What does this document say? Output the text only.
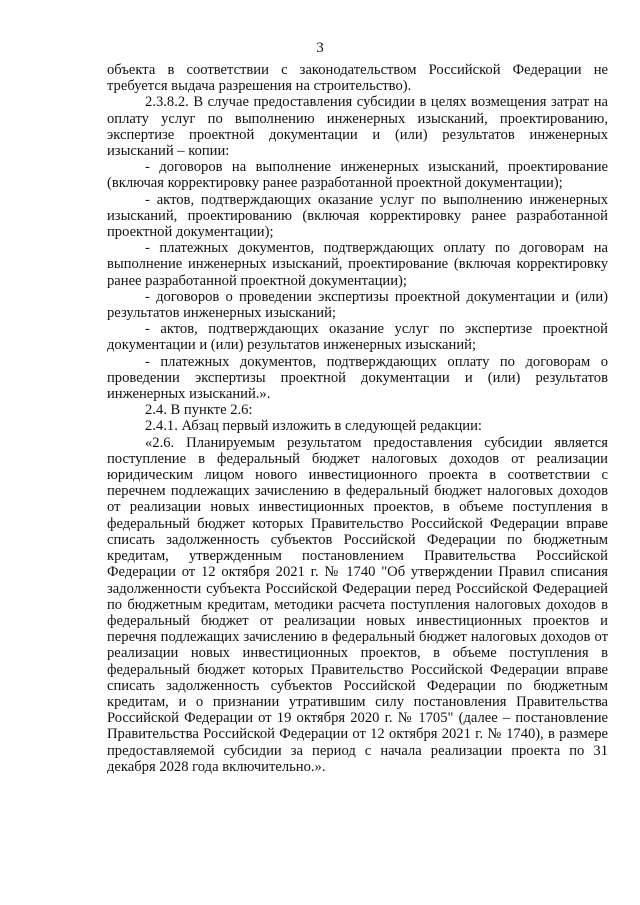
3

объекта в соответствии с законодательством Российской Федерации не требуется выдача разрешения на строительство).

2.3.8.2. В случае предоставления субсидии в целях возмещения затрат на оплату услуг по выполнению инженерных изысканий, проектированию, экспертизе проектной документации и (или) результатов инженерных изысканий – копии:

- договоров на выполнение инженерных изысканий, проектирование (включая корректировку ранее разработанной проектной документации);

- актов, подтверждающих оказание услуг по выполнению инженерных изысканий, проектированию (включая корректировку ранее разработанной проектной документации);

- платежных документов, подтверждающих оплату по договорам на выполнение инженерных изысканий, проектирование (включая корректировку ранее разработанной проектной документации);

- договоров о проведении экспертизы проектной документации и (или) результатов инженерных изысканий;

- актов, подтверждающих оказание услуг по экспертизе проектной документации и (или) результатов инженерных изысканий;

- платежных документов, подтверждающих оплату по договорам о проведении экспертизы проектной документации и (или) результатов инженерных изысканий.».

2.4. В пункте 2.6:

2.4.1. Абзац первый изложить в следующей редакции:

«2.6. Планируемым результатом предоставления субсидии является поступление в федеральный бюджет налоговых доходов от реализации юридическим лицом нового инвестиционного проекта в соответствии с перечнем подлежащих зачислению в федеральный бюджет налоговых доходов от реализации новых инвестиционных проектов, в объеме поступления в федеральный бюджет которых Правительство Российской Федерации вправе списать задолженность субъектов Российской Федерации по бюджетным кредитам, утвержденным постановлением Правительства Российской Федерации от 12 октября 2021 г. № 1740 "Об утверждении Правил списания задолженности субъекта Российской Федерации перед Российской Федерацией по бюджетным кредитам, методики расчета поступления налоговых доходов в федеральный бюджет от реализации новых инвестиционных проектов и перечня подлежащих зачислению в федеральный бюджет налоговых доходов от реализации новых инвестиционных проектов, в объеме поступления в федеральный бюджет которых Правительство Российской Федерации вправе списать задолженность субъектов Российской Федерации по бюджетным кредитам, и о признании утратившим силу постановления Правительства Российской Федерации от 19 октября 2020 г. № 1705" (далее – постановление Правительства Российской Федерации от 12 октября 2021 г. № 1740), в размере предоставляемой субсидии за период с начала реализации проекта по 31 декабря 2028 года включительно.».
